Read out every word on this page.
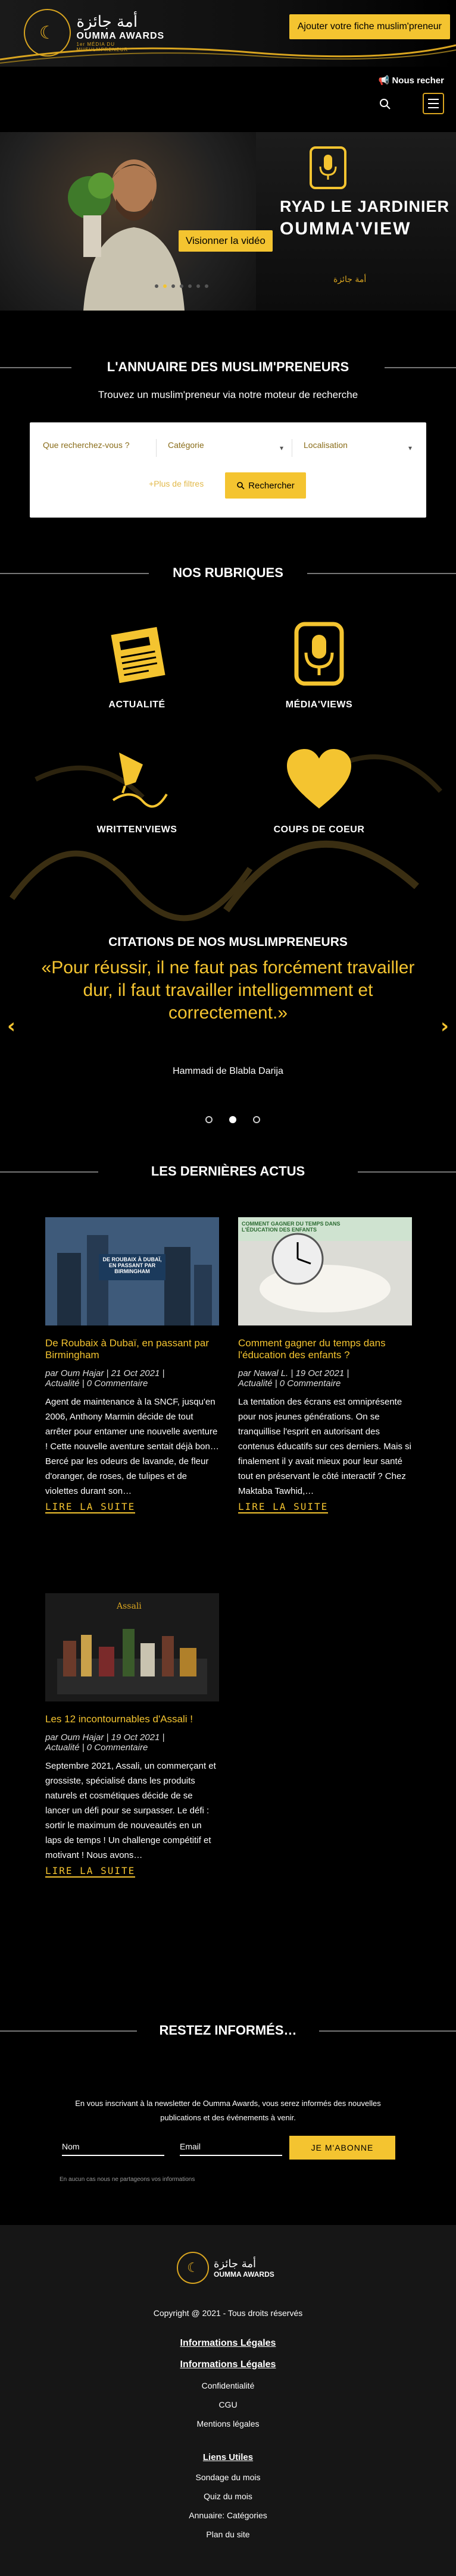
☾
أمة جائزة
OUMMA AWARDS
1er MÉDIA DU MUSULMPRENEUR
Ajouter votre fiche muslim'preneur
📢 Nous recher
RYAD LE JARDINIER
OUMMA'VIEW
أمة جائزة
Visionner la vidéo
L'ANNUAIRE DES MUSLIM'PRENEURS
Trouvez un muslim'preneur via notre moteur de recherche
Que recherchez-vous ?	Catégorie	▾ Localisation	▾
+Plus de filtres	Rechercher
NOS RUBRIQUES
ACTUALITÉ	MÉDIA'VIEWS
WRITTEN'VIEWS	COUPS DE COEUR
CITATIONS DE NOS MUSLIMPRENEURS
«Pour réussir, il ne faut pas forcément travailler dur, il faut travailler intelligemment et correctement.»
Hammadi de Blabla Darija
‹	›
LES DERNIÈRES ACTUS
DE ROUBAIX À DUBAÏ, EN PASSANT PAR BIRMINGHAM
De Roubaix à Dubaï, en passant par Birmingham
par Oum Hajar | 21 Oct 2021 |
Actualité | 0 Commentaire
Agent de maintenance à la SNCF, jusqu'en 2006, Anthony Marmin décide de tout arrêter pour entamer une nouvelle aventure ! Cette nouvelle aventure sentait déjà bon… Bercé par les odeurs de lavande, de fleur d'oranger, de roses, de tulipes et de violettes durant son…
LIRE LA SUITE
COMMENT GAGNER DU TEMPS DANS L'ÉDUCATION DES ENFANTS
Comment gagner du temps dans l'éducation des enfants ?
par Nawal L. | 19 Oct 2021 |
Actualité | 0 Commentaire
La tentation des écrans est omniprésente pour nos jeunes générations. On se tranquillise l'esprit en autorisant des contenus éducatifs sur ces derniers. Mais si finalement il y avait mieux pour leur santé tout en préservant le côté interactif ? Chez Maktaba Tawhid,…
LIRE LA SUITE
Assali
Les 12 incontournables d'Assali !
par Oum Hajar | 19 Oct 2021 |
Actualité | 0 Commentaire
Septembre 2021, Assali, un commerçant et grossiste, spécialisé dans les produits naturels et cosmétiques décide de se lancer un défi pour se surpasser. Le défi : sortir le maximum de nouveautés en un laps de temps ! Un challenge compétitif et motivant ! Nous avons…
LIRE LA SUITE
RESTEZ INFORMÉS…
En vous inscrivant à la newsletter de Oumma Awards, vous serez informés des nouvelles publications et des événements à venir.
Nom	Email	JE M'ABONNE
En aucun cas nous ne partageons vos informations
☾	أمة جائزة
OUMMA AWARDS
Copyright @ 2021 - Tous droits réservés
Informations Légales
Informations Légales
Confidentialité
CGU
Mentions légales
Liens Utiles
Sondage du mois
Quiz du mois
Annuaire: Catégories
Plan du site
